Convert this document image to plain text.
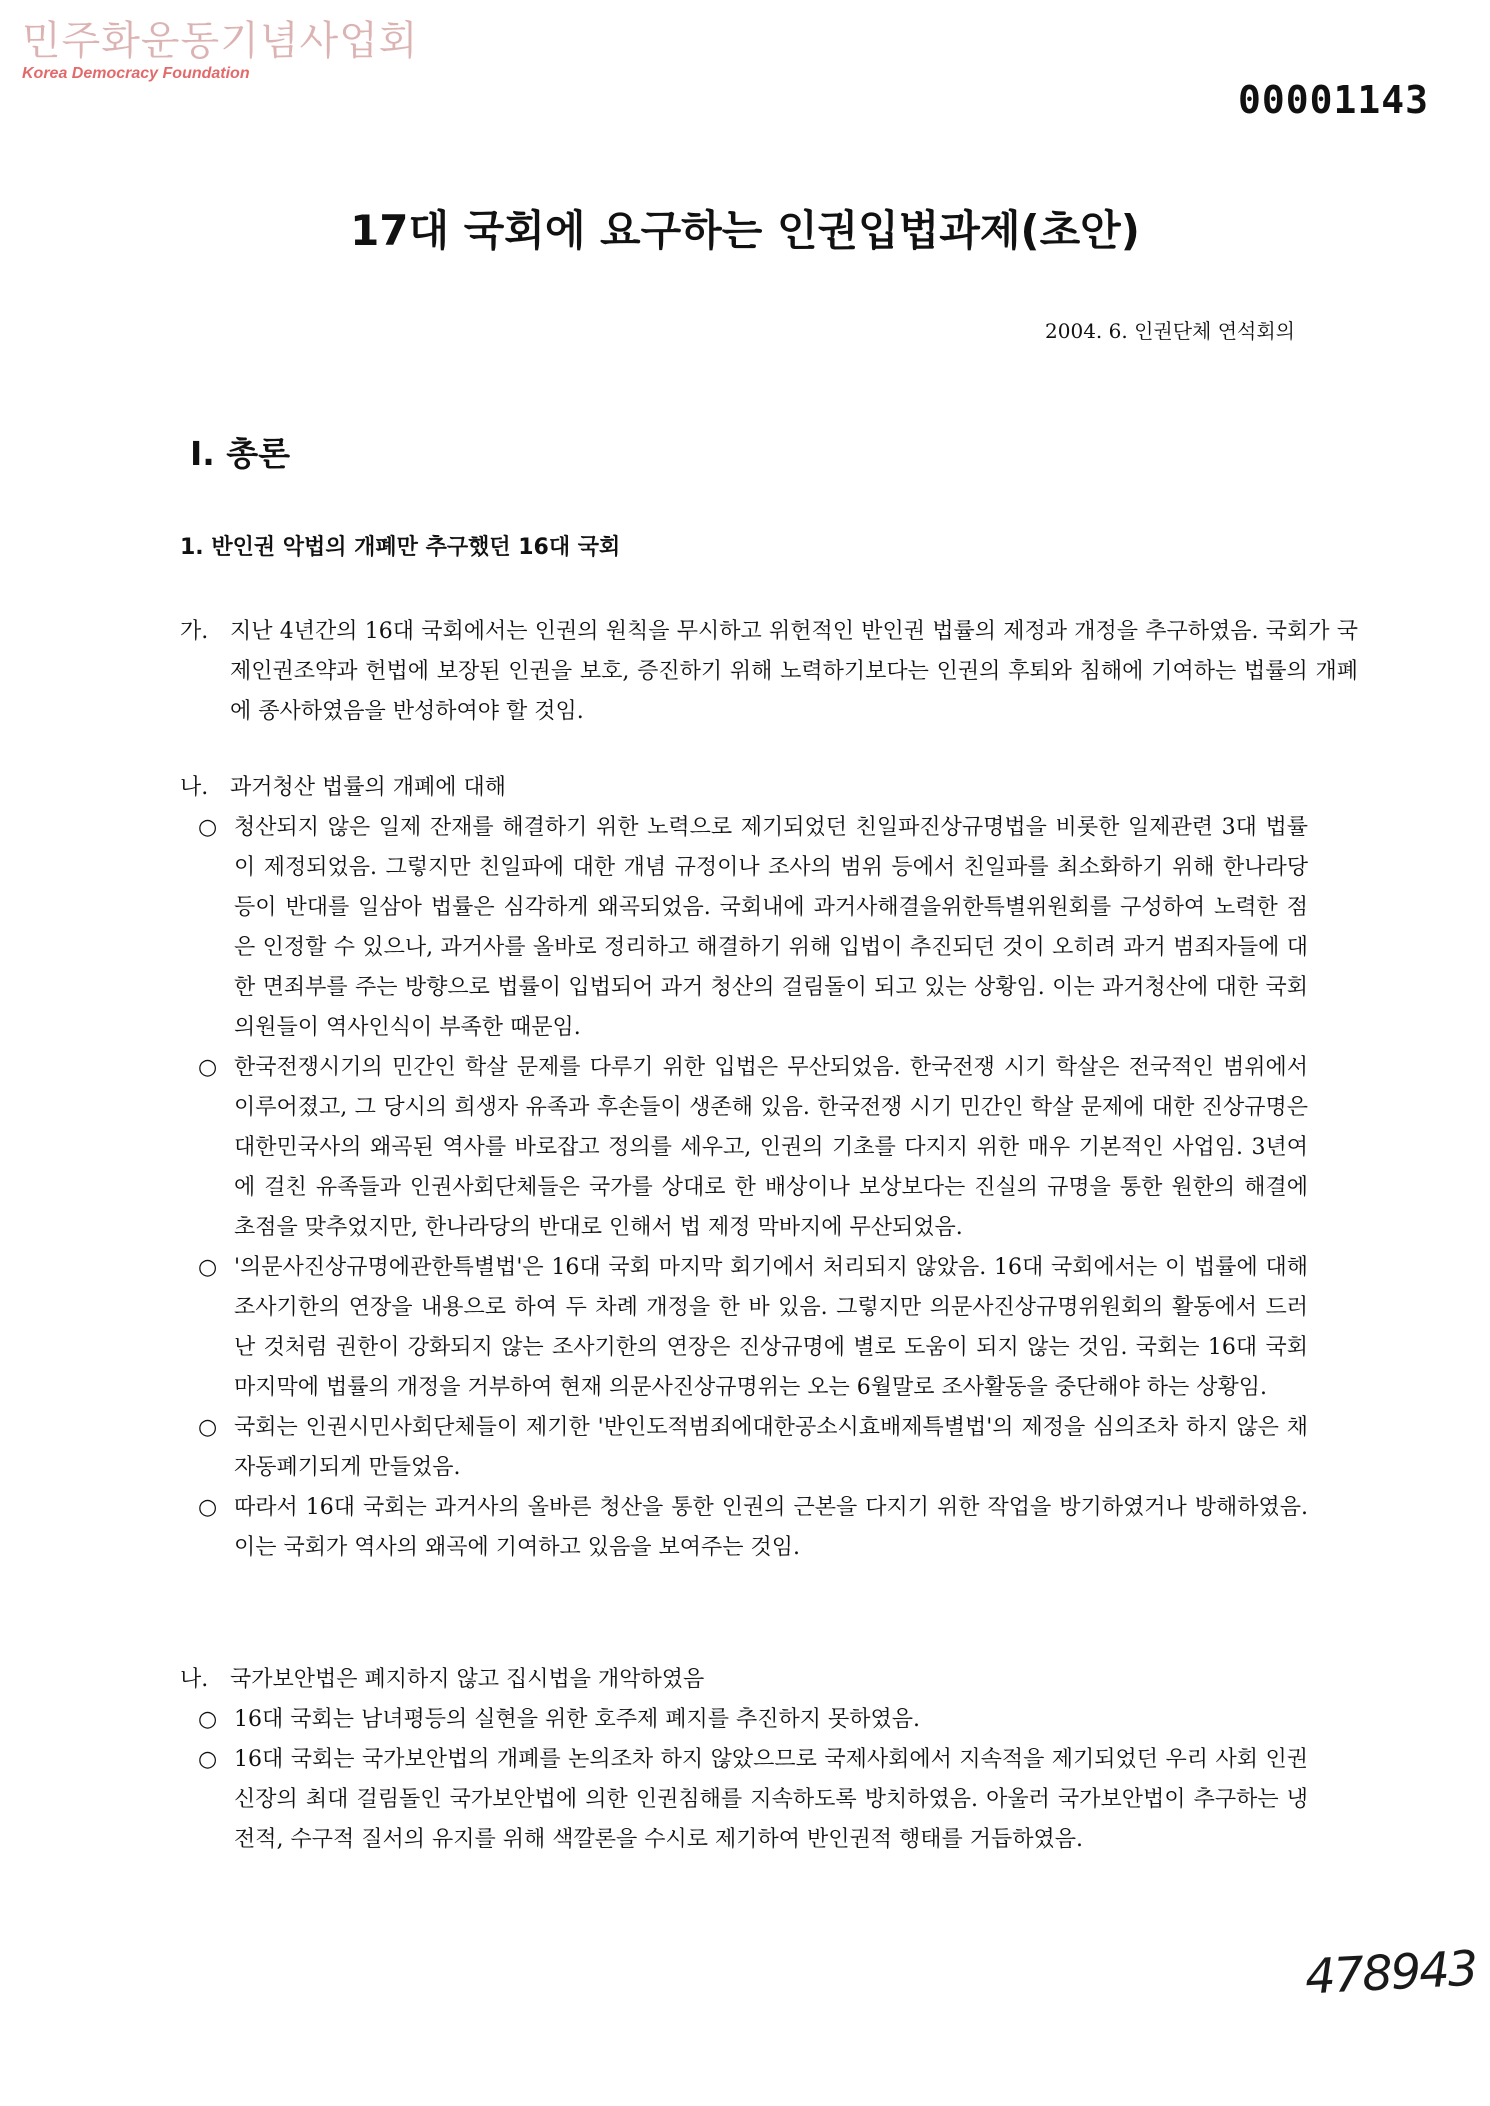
민주화운동기념사업회
Korea Democracy Foundation
00001143
17대 국회에 요구하는 인권입법과제(초안)
2004. 6. 인권단체 연석회의
Ⅰ. 총론
1. 반인권 악법의 개폐만 추구했던 16대 국회
가. 지난 4년간의 16대 국회에서는 인권의 원칙을 무시하고 위헌적인 반인권 법률의 제정과 개정을 추구하였음. 국회가 국제인권조약과 헌법에 보장된 인권을 보호, 증진하기 위해 노력하기보다는 인권의 후퇴와 침해에 기여하는 법률의 개폐에 종사하였음을 반성하여야 할 것임.
나. 과거청산 법률의 개폐에 대해
○ 청산되지 않은 일제 잔재를 해결하기 위한 노력으로 제기되었던 친일파진상규명법을 비롯한 일제관련 3대 법률이 제정되었음. 그렇지만 친일파에 대한 개념 규정이나 조사의 범위 등에서 친일파를 최소화하기 위해 한나라당 등이 반대를 일삼아 법률은 심각하게 왜곡되었음. 국회내에 과거사해결을위한특별위원회를 구성하여 노력한 점은 인정할 수 있으나, 과거사를 올바로 정리하고 해결하기 위해 입법이 추진되던 것이 오히려 과거 범죄자들에 대한 면죄부를 주는 방향으로 법률이 입법되어 과거 청산의 걸림돌이 되고 있는 상황임. 이는 과거청산에 대한 국회의원들이 역사인식이 부족한 때문임.
○ 한국전쟁시기의 민간인 학살 문제를 다루기 위한 입법은 무산되었음. 한국전쟁 시기 학살은 전국적인 범위에서 이루어졌고, 그 당시의 희생자 유족과 후손들이 생존해 있음. 한국전쟁 시기 민간인 학살 문제에 대한 진상규명은 대한민국사의 왜곡된 역사를 바로잡고 정의를 세우고, 인권의 기초를 다지지 위한 매우 기본적인 사업임. 3년여에 걸친 유족들과 인권사회단체들은 국가를 상대로 한 배상이나 보상보다는 진실의 규명을 통한 원한의 해결에 초점을 맞추었지만, 한나라당의 반대로 인해서 법 제정 막바지에 무산되었음.
○ '의문사진상규명에관한특별법'은 16대 국회 마지막 회기에서 처리되지 않았음. 16대 국회에서는 이 법률에 대해 조사기한의 연장을 내용으로 하여 두 차례 개정을 한 바 있음. 그렇지만 의문사진상규명위원회의 활동에서 드러난 것처럼 권한이 강화되지 않는 조사기한의 연장은 진상규명에 별로 도움이 되지 않는 것임. 국회는 16대 국회 마지막에 법률의 개정을 거부하여 현재 의문사진상규명위는 오는 6월말로 조사활동을 중단해야 하는 상황임.
○ 국회는 인권시민사회단체들이 제기한 '반인도적범죄에대한공소시효배제특별법'의 제정을 심의조차 하지 않은 채 자동폐기되게 만들었음.
○ 따라서 16대 국회는 과거사의 올바른 청산을 통한 인권의 근본을 다지기 위한 작업을 방기하였거나 방해하였음. 이는 국회가 역사의 왜곡에 기여하고 있음을 보여주는 것임.
나. 국가보안법은 폐지하지 않고 집시법을 개악하였음
○ 16대 국회는 남녀평등의 실현을 위한 호주제 폐지를 추진하지 못하였음.
○ 16대 국회는 국가보안법의 개폐를 논의조차 하지 않았으므로 국제사회에서 지속적을 제기되었던 우리 사회 인권 신장의 최대 걸림돌인 국가보안법에 의한 인권침해를 지속하도록 방치하였음. 아울러 국가보안법이 추구하는 냉전적, 수구적 질서의 유지를 위해 색깔론을 수시로 제기하여 반인권적 행태를 거듭하였음.
478943
